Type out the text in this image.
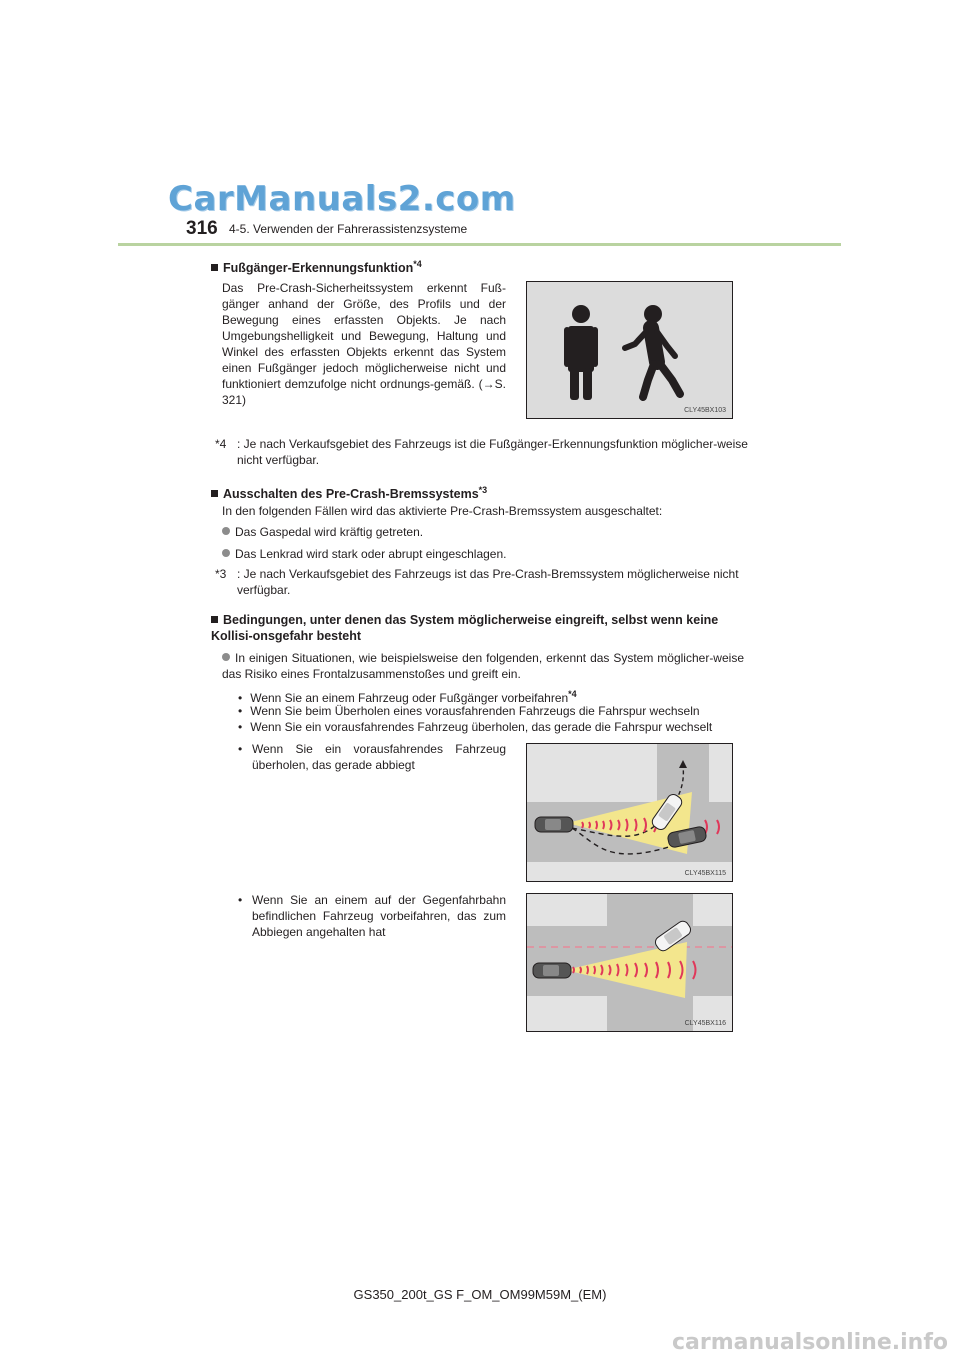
CarManuals2.com
316 4-5. Verwenden der Fahrerassistenzsysteme
Fußgänger-Erkennungsfunktion$^{*4}$
Das Pre-Crash-Sicherheitssystem erkennt Fuß-gänger anhand der Größe, des Profils und der Bewegung eines erfassten Objekts. Je nach Umgebungshelligkeit und Bewegung, Haltung und Winkel des erfassten Objekts erkennt das System einen Fußgänger jedoch möglicherweise nicht und funktioniert demzufolge nicht ordnungs-gemäß. (→S. 321)
CLY45BX103
*4 : Je nach Verkaufsgebiet des Fahrzeugs ist die Fußgänger-Erkennungsfunktion möglicher-weise nicht verfügbar.
Ausschalten des Pre-Crash-Bremssystems$^{*3}$
In den folgenden Fällen wird das aktivierte Pre-Crash-Bremssystem ausgeschaltet:
Das Gaspedal wird kräftig getreten.
Das Lenkrad wird stark oder abrupt eingeschlagen.
*3 : Je nach Verkaufsgebiet des Fahrzeugs ist das Pre-Crash-Bremssystem möglicherweise nicht verfügbar.
Bedingungen, unter denen das System möglicherweise eingreift, selbst wenn keine Kollisi-onsgefahr besteht
In einigen Situationen, wie beispielsweise den folgenden, erkennt das System möglicher-weise das Risiko eines Frontalzusammenstoßes und greift ein.
• Wenn Sie an einem Fahrzeug oder Fußgänger vorbeifahren$^{*4}$
• Wenn Sie beim Überholen eines vorausfahrenden Fahrzeugs die Fahrspur wechseln
• Wenn Sie ein vorausfahrendes Fahrzeug überholen, das gerade die Fahrspur wechselt
• Wenn Sie ein vorausfahrendes Fahrzeug überholen, das gerade abbiegt
• Wenn Sie an einem auf der Gegenfahrbahn befindlichen Fahrzeug vorbeifahren, das zum Abbiegen angehalten hat
CLY45BX115
CLY45BX116
GS350_200t_GS F_OM_OM99M59M_(EM)
carmanualsonline.info
